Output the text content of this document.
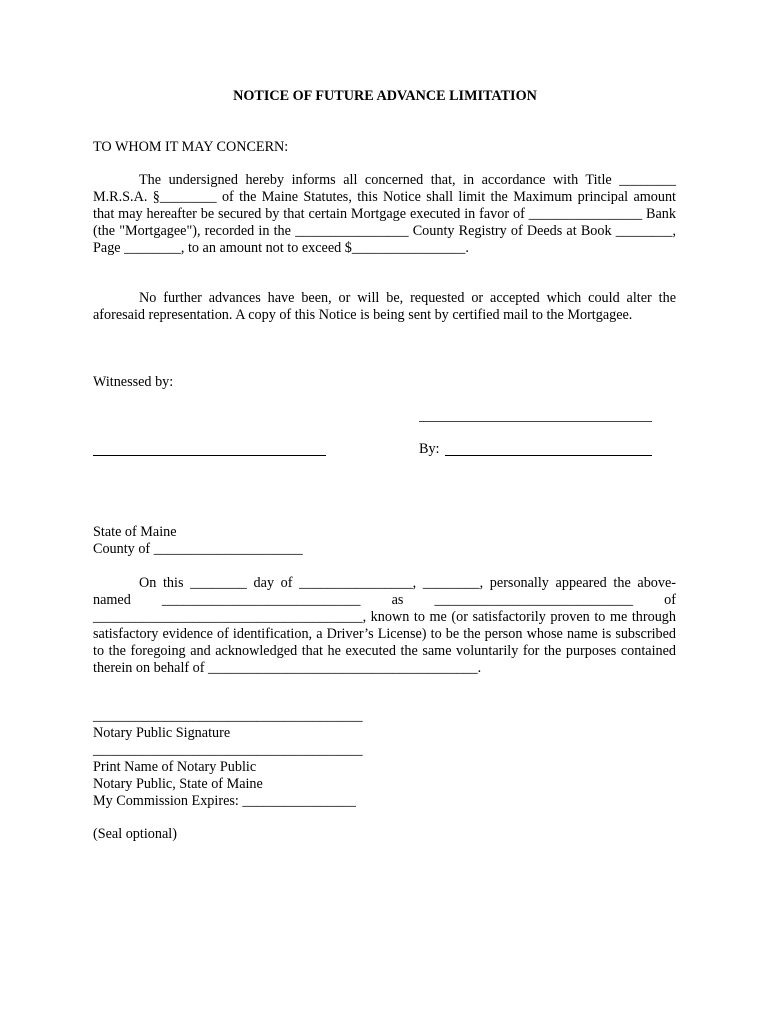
NOTICE OF FUTURE ADVANCE LIMITATION
TO WHOM IT MAY CONCERN:
The undersigned hereby informs all concerned that, in accordance with Title ________ M.R.S.A. §________ of the Maine Statutes, this Notice shall limit the Maximum principal amount that may hereafter be secured by that certain Mortgage executed in favor of ________________ Bank (the "Mortgagee"), recorded in the ________________ County Registry of Deeds at Book ________, Page ________, to an amount not to exceed $________________.
No further advances have been, or will be, requested or accepted which could alter the aforesaid representation. A copy of this Notice is being sent by certified mail to the Mortgagee.
Witnessed by:
By:
State of Maine
County of _____________________
On this ________ day of ________________, ________, personally appeared the above-named ____________________________ as ____________________________ of ______________________________________, known to me (or satisfactorily proven to me through satisfactory evidence of identification, a Driver’s License) to be the person whose name is subscribed to the foregoing and acknowledged that he executed the same voluntarily for the purposes contained therein on behalf of ______________________________________.
______________________________________
Notary Public Signature
______________________________________
Print Name of Notary Public
Notary Public, State of Maine
My Commission Expires: ________________
(Seal optional)
